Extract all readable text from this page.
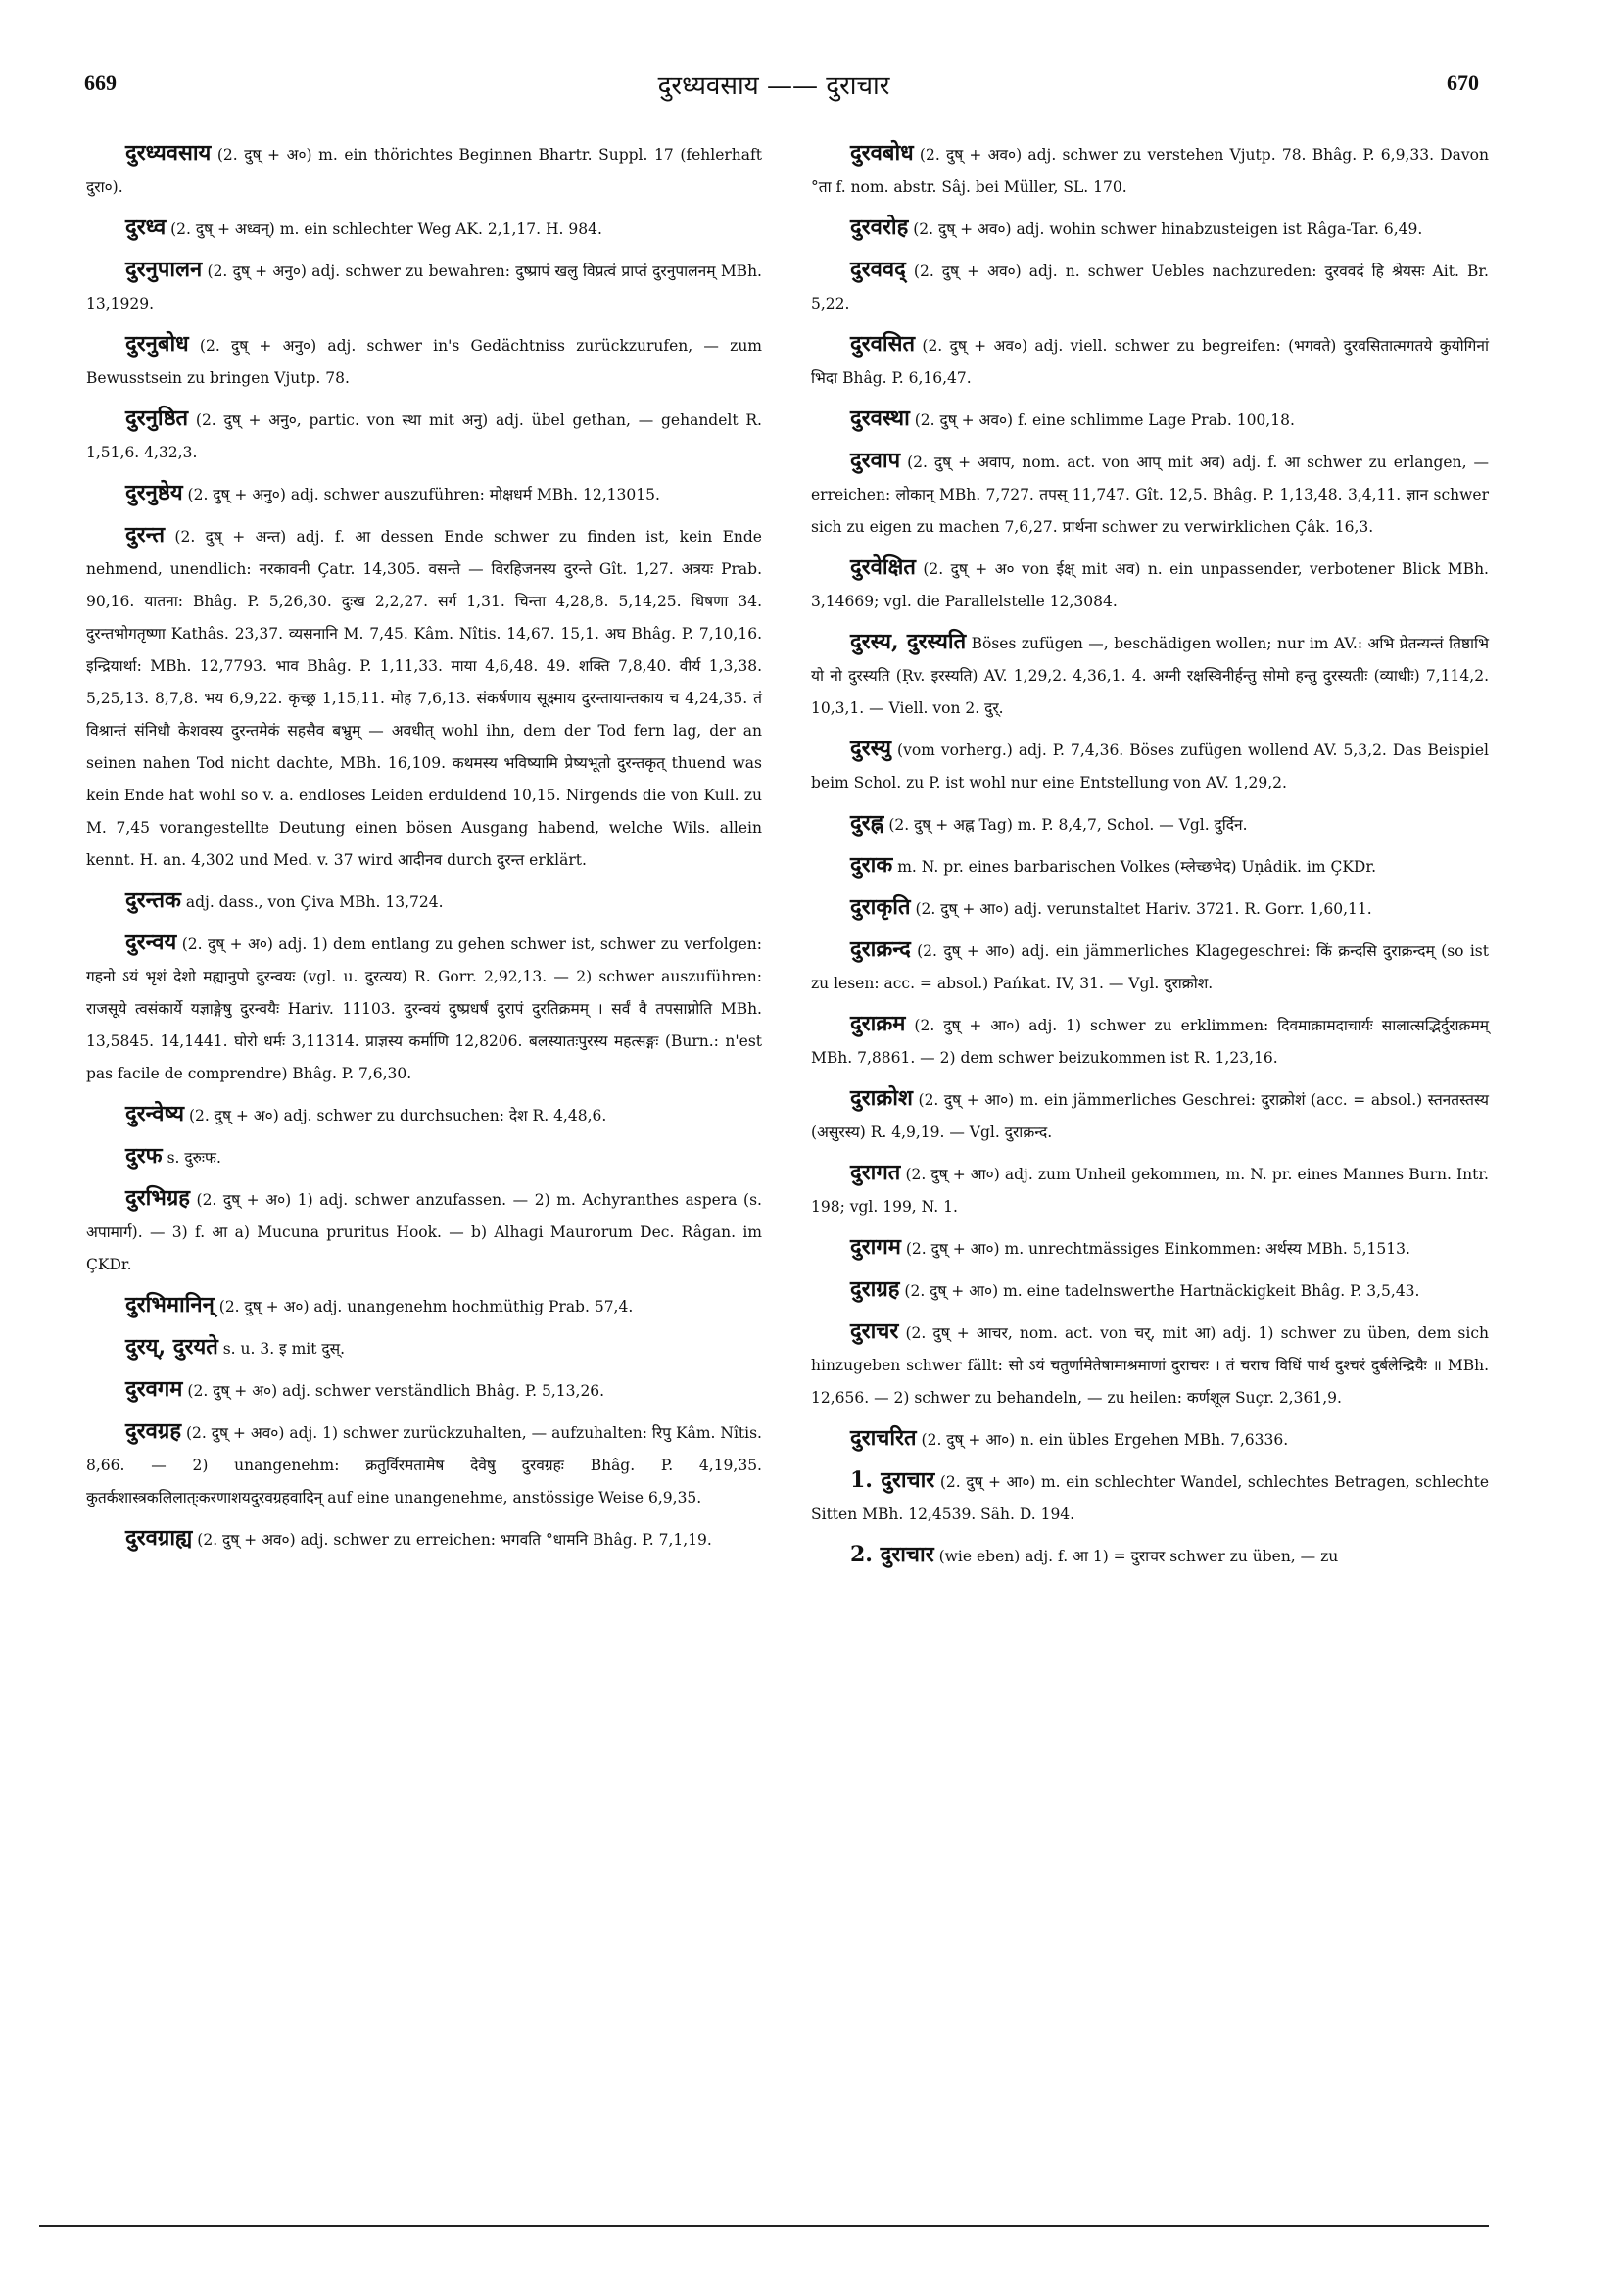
669	दुरध्यवसाय —— दुराचार	670

दुरध्यवसाय (2. दुष् + अ०) m. ein thörichtes Beginnen Bhartr. Suppl. 17 (fehlerhaft दुरा०).

दुरध्व (2. दुष् + अध्वन्) m. ein schlechter Weg AK. 2,1,17. H. 984.

दुरनुपालन (2. दुष् + अनु०) adj. schwer zu bewahren: दुष्प्रापं खलु विप्रत्वं प्राप्तं दुरनुपालनम् MBh. 13,1929.

दुरनुबोध (2. दुष् + अनु०) adj. schwer in's Gedächtniss zurückzurufen, — zum Bewusstsein zu bringen Vjutp. 78.

दुरनुष्ठित (2. दुष् + अनु०, partic. von स्था mit अनु) adj. übel gethan, — gehandelt R. 1,51,6. 4,32,3.

दुरनुष्ठेय (2. दुष् + अनु०) adj. schwer auszuführen: मोक्षधर्म MBh. 12,13015.

दुरन्त (2. दुष् + अन्त) adj. f. आ dessen Ende schwer zu finden ist, kein Ende nehmend, unendlich: नरकावनी Çatr. 14,305. वसन्ते — विरहिजनस्य दुरन्ते Gît. 1,27. अत्रयः Prab. 90,16. यातना: Bhâg. P. 5,26,30. दुःख 2,2,27. सर्ग 1,31. चिन्ता 4,28,8. 5,14,25. धिषणा 34. दुरन्तभोगतृष्णा Kathâs. 23,37. व्यसनानि M. 7,45. Kâm. Nîtis. 14,67. 15,1. अघ Bhâg. P. 7,10,16. इन्द्रियार्था: MBh. 12,7793. भाव Bhâg. P. 1,11,33. माया 4,6,48. 49. शक्ति 7,8,40. वीर्य 1,3,38. 5,25,13. 8,7,8. भय 6,9,22. कृच्छ्र 1,15,11. मोह 7,6,13. संकर्षणाय सूक्ष्माय दुरन्तायान्तकाय च 4,24,35. तं विश्रान्तं संनिधौ केशवस्य दुरन्तमेकं सहसैव बभ्रुम् — अवधीत् wohl ihn, dem der Tod fern lag, der an seinen nahen Tod nicht dachte, MBh. 16,109. कथमस्य भविष्यामि प्रेष्यभूतो दुरन्तकृत् thuend was kein Ende hat wohl so v. a. endloses Leiden erduldend 10,15. Nirgends die von Kull. zu M. 7,45 vorangestellte Deutung einen bösen Ausgang habend, welche Wils. allein kennt. H. an. 4,302 und Med. v. 37 wird आदीनव durch दुरन्त erklärt.

दुरन्तक adj. dass., von Çiva MBh. 13,724.

दुरन्वय (2. दुष् + अ०) adj. 1) dem entlang zu gehen schwer ist, schwer zu verfolgen: गहनो ऽयं भृशं देशो मह्यानुपो दुरन्वयः (vgl. u. दुरत्यय) R. Gorr. 2,92,13. — 2) schwer auszuführen: राजसूये त्वसंकार्ये यज्ञाङ्गेषु दुरन्वयैः Hariv. 11103. दुरन्वयं दुष्प्रधर्षं दुरापं दुरतिक्रमम् । सर्वं वै तपसाप्नोति MBh. 13,5845. 14,1441. घोरो धर्मः 3,11314. प्राज्ञस्य कर्माणि 12,8206. बलस्यातःपुरस्य महत्सङ्गः (Burn.: n'est pas facile de comprendre) Bhâg. P. 7,6,30.

दुरन्वेष्य (2. दुष् + अ०) adj. schwer zu durchsuchen: देश R. 4,48,6.

दुरफ s. दुरुःफ.

दुरभिग्रह (2. दुष् + अ०) 1) adj. schwer anzufassen. — 2) m. Achyranthes aspera (s. अपामार्ग). — 3) f. आ a) Mucuna pruritus Hook. — b) Alhagi Maurorum Dec. Râgan. im ÇKDr.

दुरभिमानिन् (2. दुष् + अ०) adj. unangenehm hochmüthig Prab. 57,4.

दुरय्, दुरयते s. u. 3. इ mit दुस्.

दुरवगम (2. दुष् + अ०) adj. schwer verständlich Bhâg. P. 5,13,26.

दुरवग्रह (2. दुष् + अव०) adj. 1) schwer zurückzuhalten, — aufzuhalten: रिपु Kâm. Nîtis. 8,66. — 2) unangenehm: क्रतुर्विरमतामेष देवेषु दुरवग्रहः Bhâg. P. 4,19,35. कुतर्कशास्त्रकलिलात्ःकरणाशयदुरवग्रहवादिन् auf eine unangenehme, anstössige Weise 6,9,35.

दुरवग्राह्य (2. दुष् + अव०) adj. schwer zu erreichen: भगवति °धामनि Bhâg. P. 7,1,19.

दुरवबोध (2. दुष् + अव०) adj. schwer zu verstehen Vjutp. 78. Bhâg. P. 6,9,33. Davon °ता f. nom. abstr. Sâj. bei Müller, SL. 170.

दुरवरोह (2. दुष् + अव०) adj. wohin schwer hinabzusteigen ist Râga-Tar. 6,49.

दुरववद् (2. दुष् + अव०) adj. n. schwer Uebles nachzureden: दुरववदं हि श्रेयसः Ait. Br. 5,22.

दुरवसित (2. दुष् + अव०) adj. viell. schwer zu begreifen: (भगवते) दुरवसितात्मगतये कुयोगिनां भिदा Bhâg. P. 6,16,47.

दुरवस्था (2. दुष् + अव०) f. eine schlimme Lage Prab. 100,18.

दुरवाप (2. दुष् + अवाप, nom. act. von आप् mit अव) adj. f. आ schwer zu erlangen, — erreichen: लोकान् MBh. 7,727. तपस् 11,747. Gît. 12,5. Bhâg. P. 1,13,48. 3,4,11. ज्ञान schwer sich zu eigen zu machen 7,6,27. प्रार्थना schwer zu verwirklichen Çâk. 16,3.

दुरवेक्षित (2. दुष् + अ० von ईक्ष् mit अव) n. ein unpassender, verbotener Blick MBh. 3,14669; vgl. die Parallelstelle 12,3084.

दुरस्य, दुरस्यति Böses zufügen —, beschädigen wollen; nur im AV.: अभि प्रेतन्यन्तं तिष्ठाभि यो नो दुरस्यति (Ṛv. इरस्यति) AV. 1,29,2. 4,36,1. 4. अग्नी रक्षस्विनीर्हन्तु सोमो हन्तु दुरस्यतीः (व्याधीः) 7,114,2. 10,3,1. — Viell. von 2. दुर्.

दुरस्यु (vom vorherg.) adj. P. 7,4,36. Böses zufügen wollend AV. 5,3,2. Das Beispiel beim Schol. zu P. ist wohl nur eine Entstellung von AV. 1,29,2.

दुरह्न (2. दुष् + अह्न Tag) m. P. 8,4,7, Schol. — Vgl. दुर्दिन.

दुराक m. N. pr. eines barbarischen Volkes (म्लेच्छभेद) Uṇâdik. im ÇKDr.

दुराकृति (2. दुष् + आ०) adj. verunstaltet Hariv. 3721. R. Gorr. 1,60,11.

दुराक्रन्द (2. दुष् + आ०) adj. ein jämmerliches Klagegeschrei: किं क्रन्दसि दुराक्रन्दम् (so ist zu lesen: acc. = absol.) Pańkat. IV, 31. — Vgl. दुराक्रोश.

दुराक्रम (2. दुष् + आ०) adj. 1) schwer zu erklimmen: दिवमाक्रामदाचार्यः सालात्सद्भिर्दुराक्रमम् MBh. 7,8861. — 2) dem schwer beizukommen ist R. 1,23,16.

दुराक्रोश (2. दुष् + आ०) m. ein jämmerliches Geschrei: दुराक्रोशं (acc. = absol.) स्तनतस्तस्य (असुरस्य) R. 4,9,19. — Vgl. दुराक्रन्द.

दुरागत (2. दुष् + आ०) adj. zum Unheil gekommen, m. N. pr. eines Mannes Burn. Intr. 198; vgl. 199, N. 1.

दुरागम (2. दुष् + आ०) m. unrechtmässiges Einkommen: अर्थस्य MBh. 5,1513.

दुराग्रह (2. दुष् + आ०) m. eine tadelnswerthe Hartnäckigkeit Bhâg. P. 3,5,43.

दुराचर (2. दुष् + आचर, nom. act. von चर्, mit आ) adj. 1) schwer zu üben, dem sich hinzugeben schwer fällt: सो ऽयं चतुर्णामेतेषामाश्रमाणां दुराचरः । तं चराच विधिं पार्थ दुश्चरं दुर्बलेन्द्रियैः ॥ MBh. 12,656. — 2) schwer zu behandeln, — zu heilen: कर्णशूल Suçr. 2,361,9.

दुराचरित (2. दुष् + आ०) n. ein übles Ergehen MBh. 7,6336.

1. दुराचार (2. दुष् + आ०) m. ein schlechter Wandel, schlechtes Betragen, schlechte Sitten MBh. 12,4539. Sâh. D. 194.

2. दुराचार (wie eben) adj. f. आ 1) = दुराचर schwer zu üben, — zu
